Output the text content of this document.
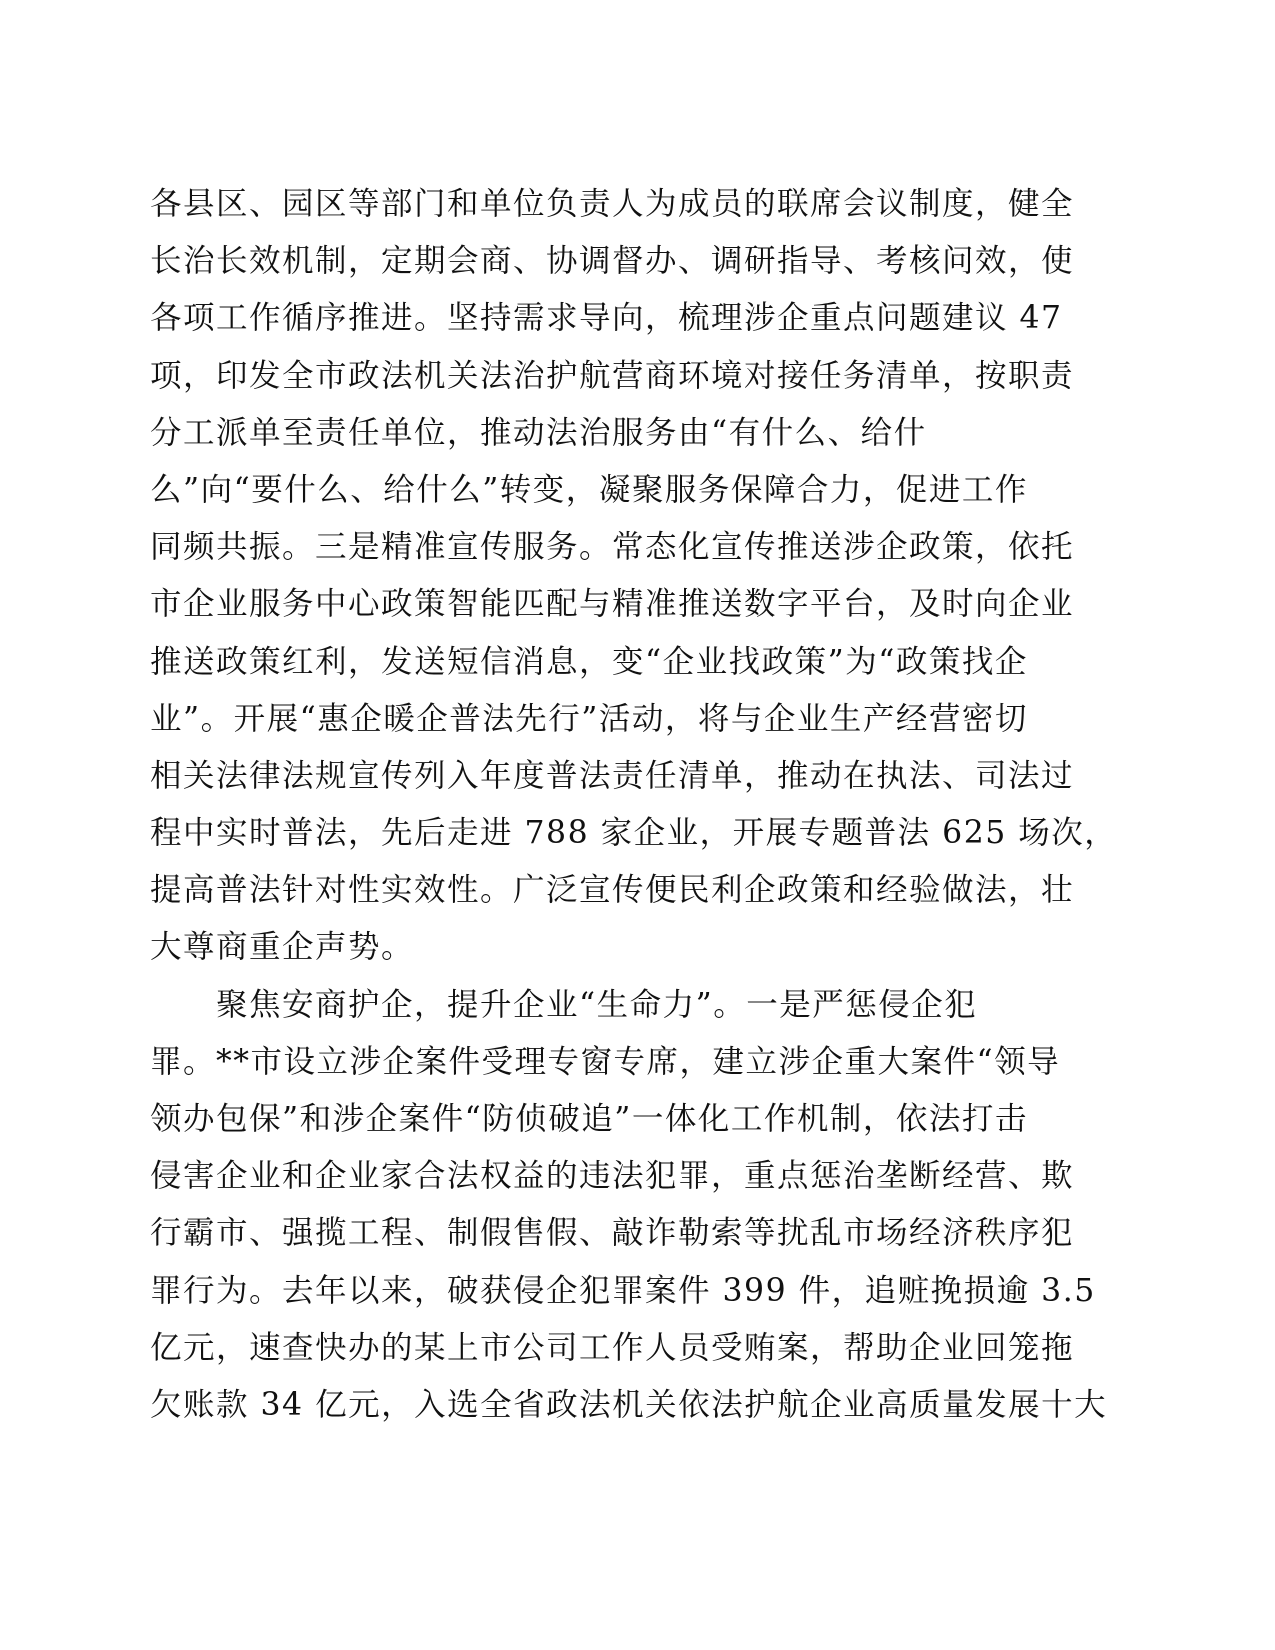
各县区、园区等部门和单位负责人为成员的联席会议制度，健全
长治长效机制，定期会商、协调督办、调研指导、考核问效，使
各项工作循序推进。坚持需求导向，梳理涉企重点问题建议 47
项，印发全市政法机关法治护航营商环境对接任务清单，按职责
分工派单至责任单位，推动法治服务由“有什么、给什
么”向“要什么、给什么”转变，凝聚服务保障合力，促进工作
同频共振。三是精准宣传服务。常态化宣传推送涉企政策，依托
市企业服务中心政策智能匹配与精准推送数字平台，及时向企业
推送政策红利，发送短信消息，变“企业找政策”为“政策找企
业”。开展“惠企暖企普法先行”活动，将与企业生产经营密切
相关法律法规宣传列入年度普法责任清单，推动在执法、司法过
程中实时普法，先后走进 788 家企业，开展专题普法 625 场次，
提高普法针对性实效性。广泛宣传便民利企政策和经验做法，壮
大尊商重企声势。
聚焦安商护企，提升企业“生命力”。一是严惩侵企犯
罪。**市设立涉企案件受理专窗专席，建立涉企重大案件“领导
领办包保”和涉企案件“防侦破追”一体化工作机制，依法打击
侵害企业和企业家合法权益的违法犯罪，重点惩治垄断经营、欺
行霸市、强揽工程、制假售假、敲诈勒索等扰乱市场经济秩序犯
罪行为。去年以来，破获侵企犯罪案件 399 件，追赃挽损逾 3.5
亿元，速查快办的某上市公司工作人员受贿案，帮助企业回笼拖
欠账款 34 亿元，入选全省政法机关依法护航企业高质量发展十大
